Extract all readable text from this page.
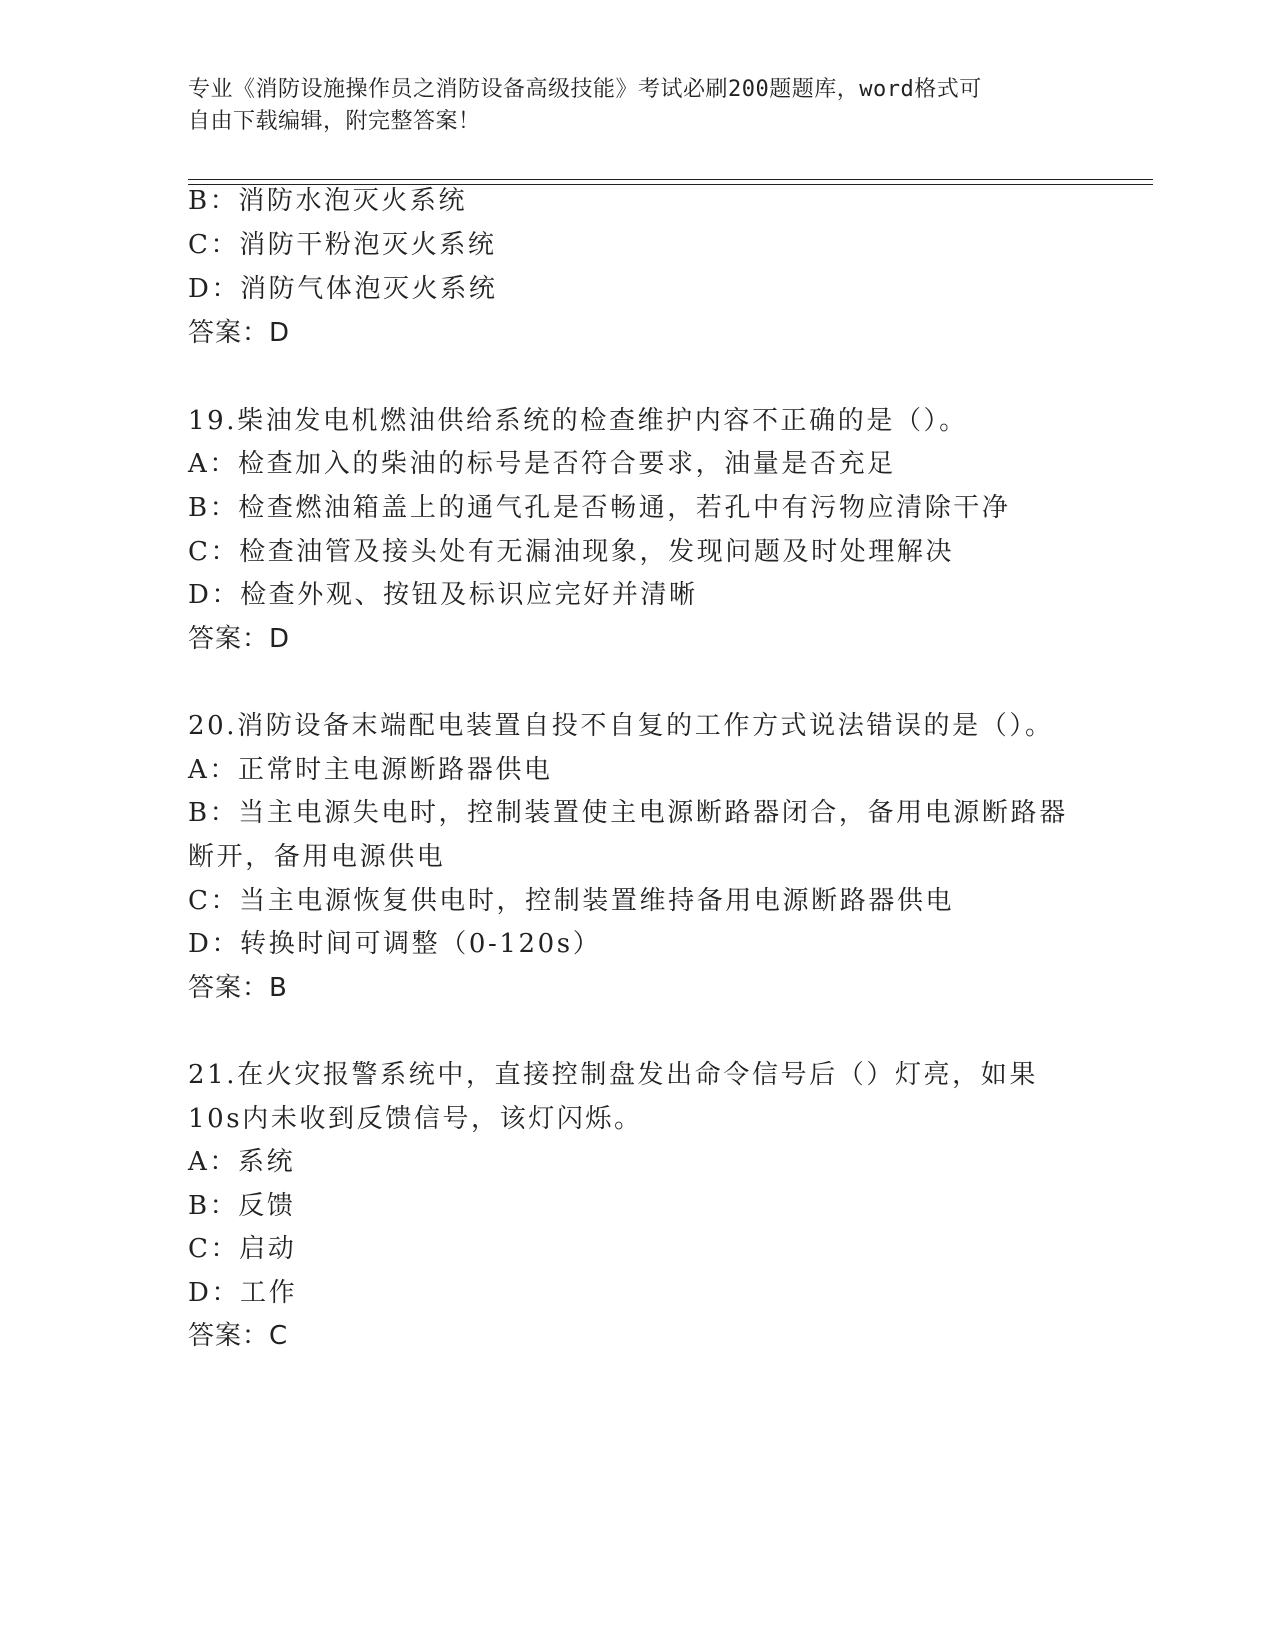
专业《消防设施操作员之消防设备高级技能》考试必刷200题题库，word格式可
自由下载编辑，附完整答案！
B：消防水泡灭火系统
C：消防干粉泡灭火系统
D：消防气体泡灭火系统
答案：D
19.柴油发电机燃油供给系统的检查维护内容不正确的是（）。
A：检查加入的柴油的标号是否符合要求，油量是否充足
B：检查燃油箱盖上的通气孔是否畅通，若孔中有污物应清除干净
C：检查油管及接头处有无漏油现象，发现问题及时处理解决
D：检查外观、按钮及标识应完好并清晰
答案：D
20.消防设备末端配电装置自投不自复的工作方式说法错误的是（）。
A：正常时主电源断路器供电
B：当主电源失电时，控制装置使主电源断路器闭合，备用电源断路器
断开，备用电源供电
C：当主电源恢复供电时，控制装置维持备用电源断路器供电
D：转换时间可调整（0-120s）
答案：B
21.在火灾报警系统中，直接控制盘发出命令信号后（）灯亮，如果
10s内未收到反馈信号，该灯闪烁。
A：系统
B：反馈
C：启动
D：工作
答案：C
